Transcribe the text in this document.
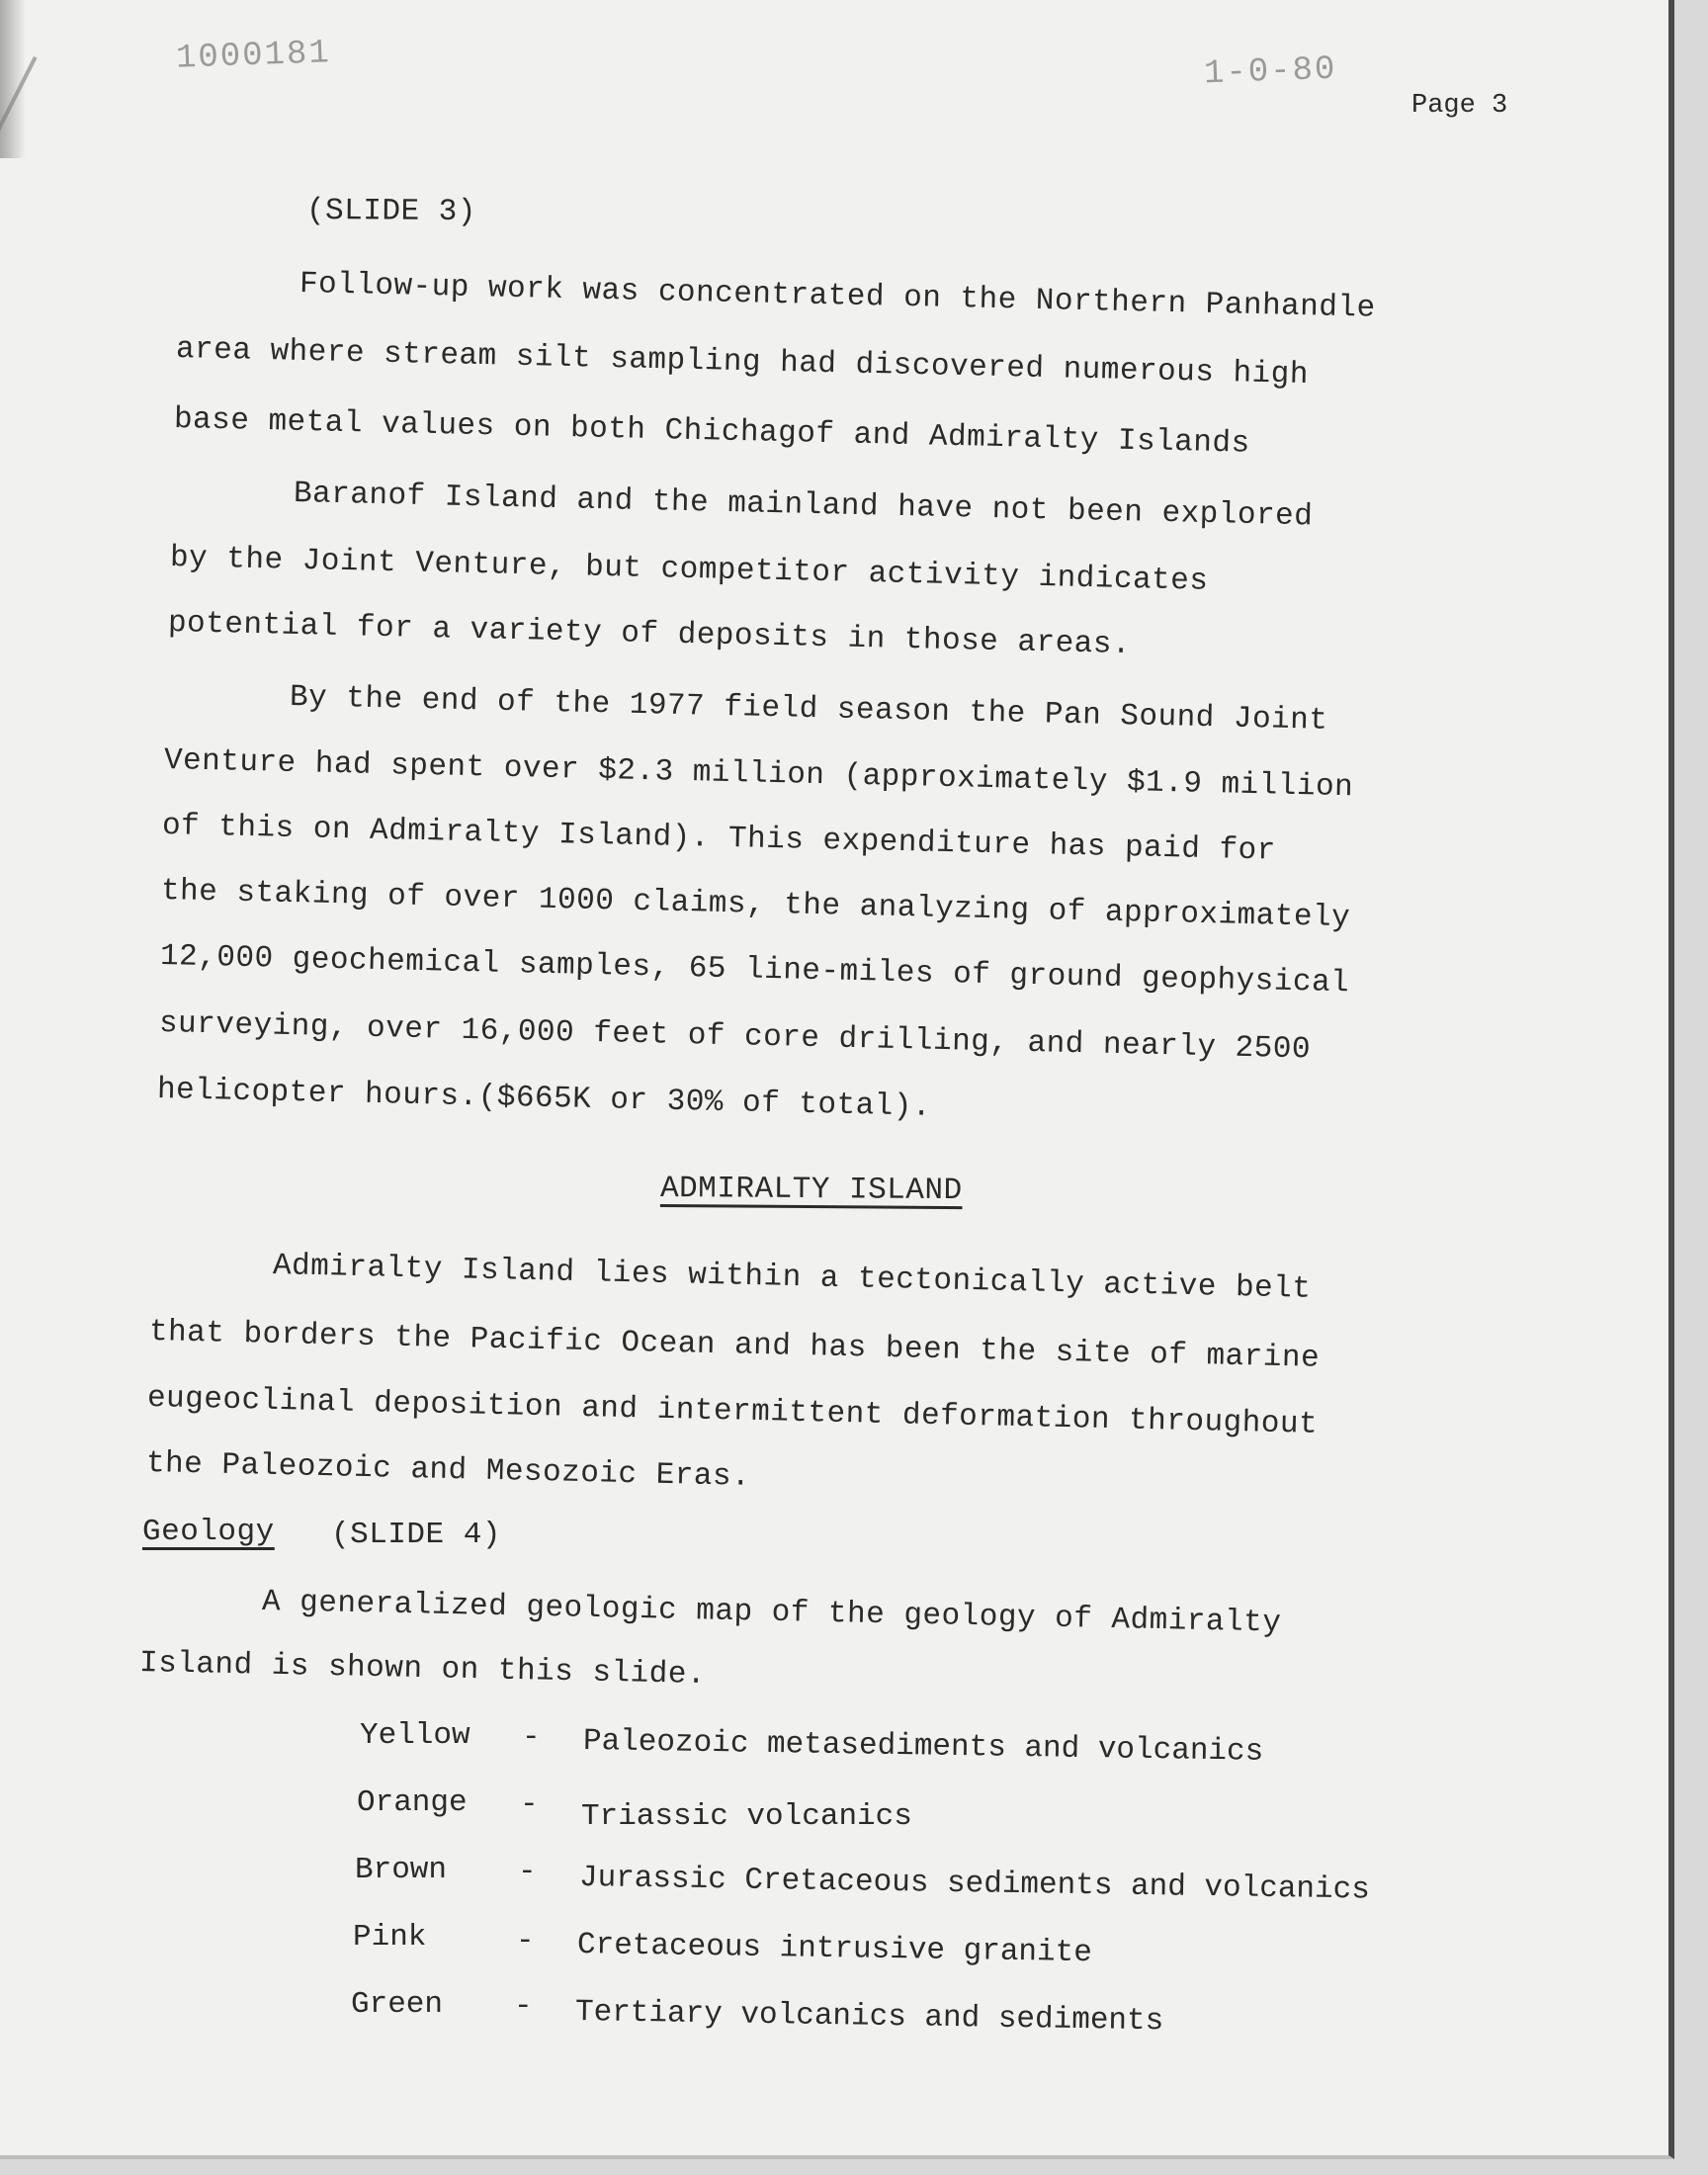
1000181	1-0-80
Page 3
(SLIDE 3)
Follow-up work was concentrated on the Northern Panhandle
area where stream silt sampling had discovered numerous high
base metal values on both Chichagof and Admiralty Islands
Baranof Island and the mainland have not been explored
by the Joint Venture, but competitor activity indicates
potential for a variety of deposits in those areas.
By the end of the 1977 field season the Pan Sound Joint
Venture had spent over $2.3 million (approximately $1.9 million
of this on Admiralty Island). This expenditure has paid for
the staking of over 1000 claims, the analyzing of approximately
12,000 geochemical samples, 65 line-miles of ground geophysical
surveying, over 16,000 feet of core drilling, and nearly 2500
helicopter hours.($665K or 30% of total).
ADMIRALTY ISLAND
Admiralty Island lies within a tectonically active belt
that borders the Pacific Ocean and has been the site of marine
eugeoclinal deposition and intermittent deformation throughout
the Paleozoic and Mesozoic Eras.
Geology (SLIDE 4)
A generalized geologic map of the geology of Admiralty
Island is shown on this slide.
Yellow - Paleozoic metasediments and volcanics
Orange - Triassic volcanics
Brown - Jurassic Cretaceous sediments and volcanics
Pink	- Cretaceous intrusive granite
Green - Tertiary volcanics and sediments
